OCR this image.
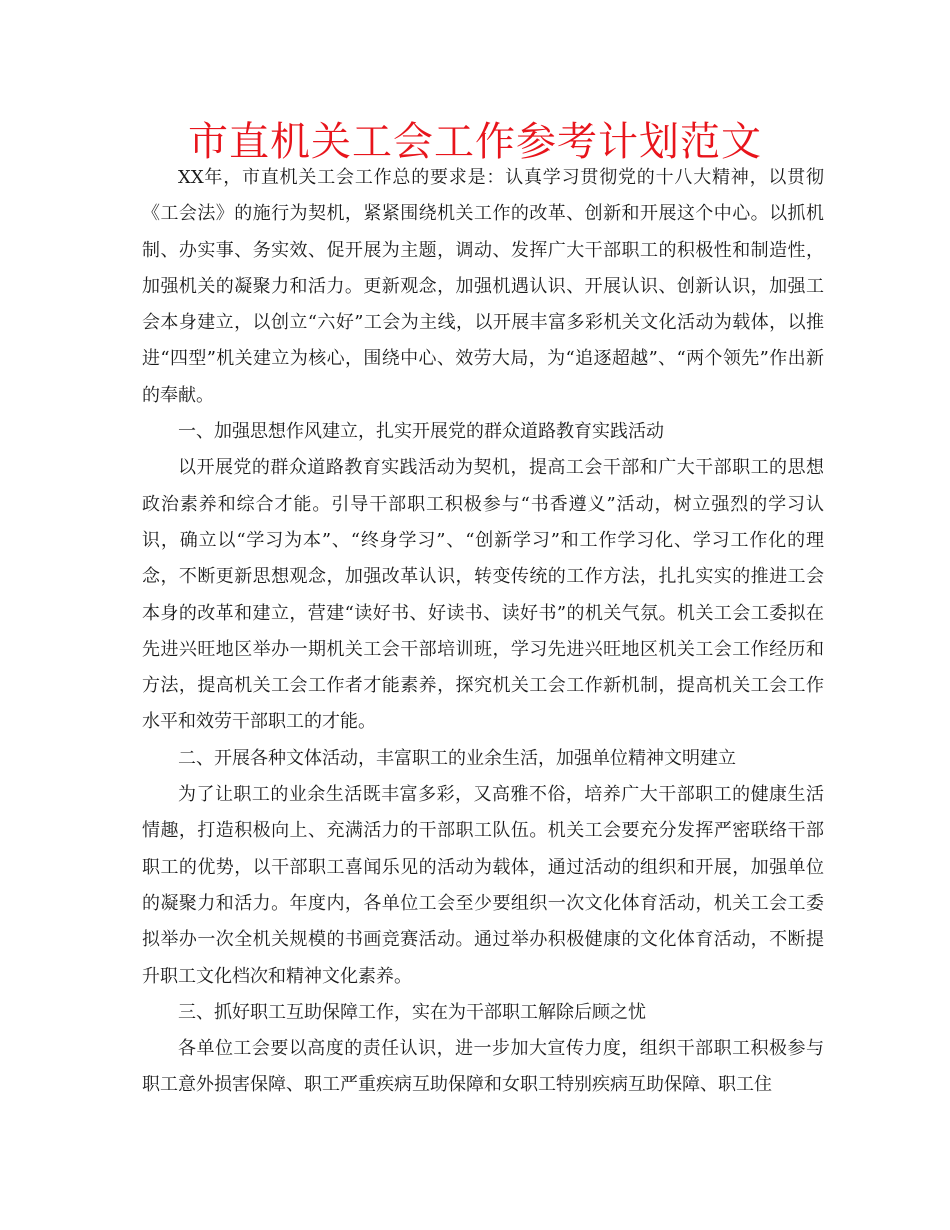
市直机关工会工作参考计划范文

XX年，市直机关工会工作总的要求是：认真学习贯彻党的十八大精神，以贯彻《工会法》的施行为契机，紧紧围绕机关工作的改革、创新和开展这个中心。以抓机制、办实事、务实效、促开展为主题，调动、发挥广大干部职工的积极性和制造性，加强机关的凝聚力和活力。更新观念，加强机遇认识、开展认识、创新认识，加强工会本身建立，以创立“六好”工会为主线，以开展丰富多彩机关文化活动为载体，以推进“四型”机关建立为核心，围绕中心、效劳大局，为“追逐超越”、“两个领先”作出新的奉献。

一、加强思想作风建立，扎实开展党的群众道路教育实践活动

以开展党的群众道路教育实践活动为契机，提高工会干部和广大干部职工的思想政治素养和综合才能。引导干部职工积极参与“书香遵义”活动，树立强烈的学习认识，确立以“学习为本”、“终身学习”、“创新学习”和工作学习化、学习工作化的理念，不断更新思想观念，加强改革认识，转变传统的工作方法，扎扎实实的推进工会本身的改革和建立，营建“读好书、好读书、读好书”的机关气氛。机关工会工委拟在先进兴旺地区举办一期机关工会干部培训班，学习先进兴旺地区机关工会工作经历和方法，提高机关工会工作者才能素养，探究机关工会工作新机制，提高机关工会工作水平和效劳干部职工的才能。

二、开展各种文体活动，丰富职工的业余生活，加强单位精神文明建立

为了让职工的业余生活既丰富多彩，又高雅不俗，培养广大干部职工的健康生活情趣，打造积极向上、充满活力的干部职工队伍。机关工会要充分发挥严密联络干部职工的优势，以干部职工喜闻乐见的活动为载体，通过活动的组织和开展，加强单位的凝聚力和活力。年度内，各单位工会至少要组织一次文化体育活动，机关工会工委拟举办一次全机关规模的书画竞赛活动。通过举办积极健康的文化体育活动，不断提升职工文化档次和精神文化素养。

三、抓好职工互助保障工作，实在为干部职工解除后顾之忧

各单位工会要以高度的责任认识，进一步加大宣传力度，组织干部职工积极参与职工意外损害保障、职工严重疾病互助保障和女职工特别疾病互助保障、职工住
